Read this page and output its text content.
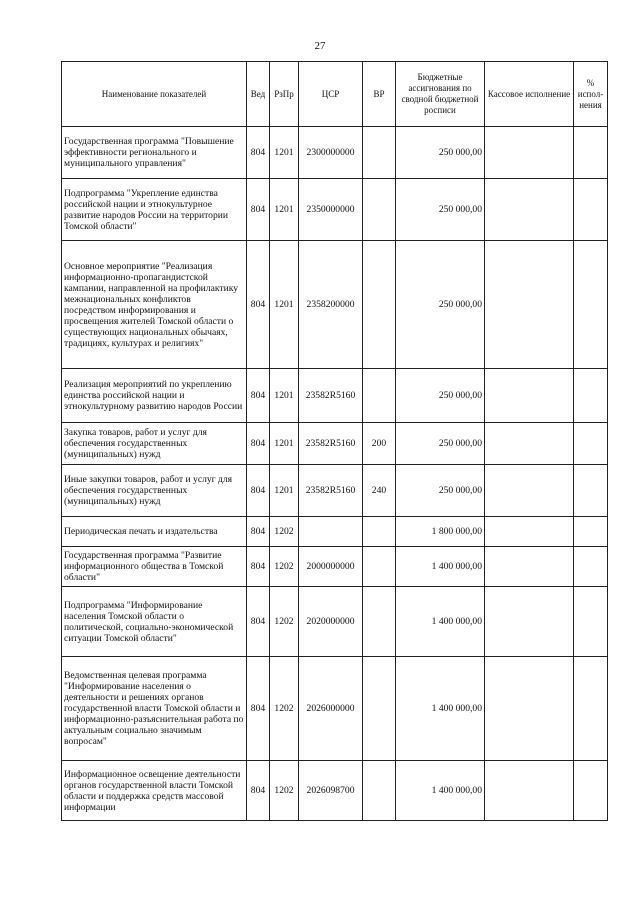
27
Наименование показателей	Вед	РзПр	ЦСР	ВР	Бюджетные ассигнования по сводной бюджетной росписи	Кассовое исполнение	% испол-нения
Государственная программа "Повышение эффективности регионального и муниципального управления"	804	1201	2300000000		250 000,00		
Подпрограмма "Укрепление единства российской нации и этнокультурное развитие народов России на территории Томской области"	804	1201	2350000000		250 000,00		
Основное мероприятие "Реализация информационно-пропагандистской кампании, направленной на профилактику межнациональных конфликтов посредством информирования и просвещения жителей Томской области о существующих национальных обычаях, традициях, культурах и религиях"	804	1201	2358200000		250 000,00		
Реализация мероприятий по укреплению единства российской нации и этнокультурному развитию народов России	804	1201	23582R5160		250 000,00		
Закупка товаров, работ и услуг для обеспечения государственных (муниципальных) нужд	804	1201	23582R5160	200	250 000,00		
Иные закупки товаров, работ и услуг для обеспечения государственных (муниципальных) нужд	804	1201	23582R5160	240	250 000,00		
Периодическая печать и издательства	804	1202			1 800 000,00		
Государственная программа "Развитие информационного общества в Томской области"	804	1202	2000000000		1 400 000,00		
Подпрограмма "Информирование населения Томской области о политической, социально-экономической ситуации Томской области"	804	1202	2020000000		1 400 000,00		
Ведомственная целевая программа "Информирование населения о деятельности и решениях органов государственной власти Томской области и информационно-разъяснительная работа по актуальным социально значимым вопросам"	804	1202	2026000000		1 400 000,00		
Информационное освещение деятельности органов государственной власти Томской области и поддержка средств массовой информации	804	1202	2026098700		1 400 000,00		
